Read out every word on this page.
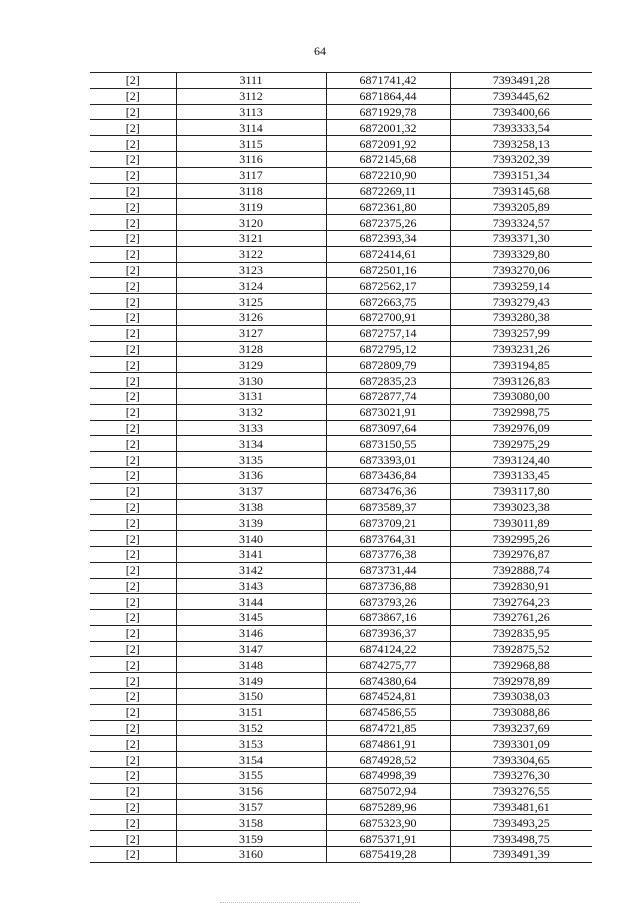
64
[2]	3111	6871741,42	7393491,28
[2]	3112	6871864,44	7393445,62
[2]	3113	6871929,78	7393400,66
[2]	3114	6872001,32	7393333,54
[2]	3115	6872091,92	7393258,13
[2]	3116	6872145,68	7393202,39
[2]	3117	6872210,90	7393151,34
[2]	3118	6872269,11	7393145,68
[2]	3119	6872361,80	7393205,89
[2]	3120	6872375,26	7393324,57
[2]	3121	6872393,34	7393371,30
[2]	3122	6872414,61	7393329,80
[2]	3123	6872501,16	7393270,06
[2]	3124	6872562,17	7393259,14
[2]	3125	6872663,75	7393279,43
[2]	3126	6872700,91	7393280,38
[2]	3127	6872757,14	7393257,99
[2]	3128	6872795,12	7393231,26
[2]	3129	6872809,79	7393194,85
[2]	3130	6872835,23	7393126,83
[2]	3131	6872877,74	7393080,00
[2]	3132	6873021,91	7392998,75
[2]	3133	6873097,64	7392976,09
[2]	3134	6873150,55	7392975,29
[2]	3135	6873393,01	7393124,40
[2]	3136	6873436,84	7393133,45
[2]	3137	6873476,36	7393117,80
[2]	3138	6873589,37	7393023,38
[2]	3139	6873709,21	7393011,89
[2]	3140	6873764,31	7392995,26
[2]	3141	6873776,38	7392976,87
[2]	3142	6873731,44	7392888,74
[2]	3143	6873736,88	7392830,91
[2]	3144	6873793,26	7392764,23
[2]	3145	6873867,16	7392761,26
[2]	3146	6873936,37	7392835,95
[2]	3147	6874124,22	7392875,52
[2]	3148	6874275,77	7392968,88
[2]	3149	6874380,64	7392978,89
[2]	3150	6874524,81	7393038,03
[2]	3151	6874586,55	7393088,86
[2]	3152	6874721,85	7393237,69
[2]	3153	6874861,91	7393301,09
[2]	3154	6874928,52	7393304,65
[2]	3155	6874998,39	7393276,30
[2]	3156	6875072,94	7393276,55
[2]	3157	6875289,96	7393481,61
[2]	3158	6875323,90	7393493,25
[2]	3159	6875371,91	7393498,75
[2]	3160	6875419,28	7393491,39
